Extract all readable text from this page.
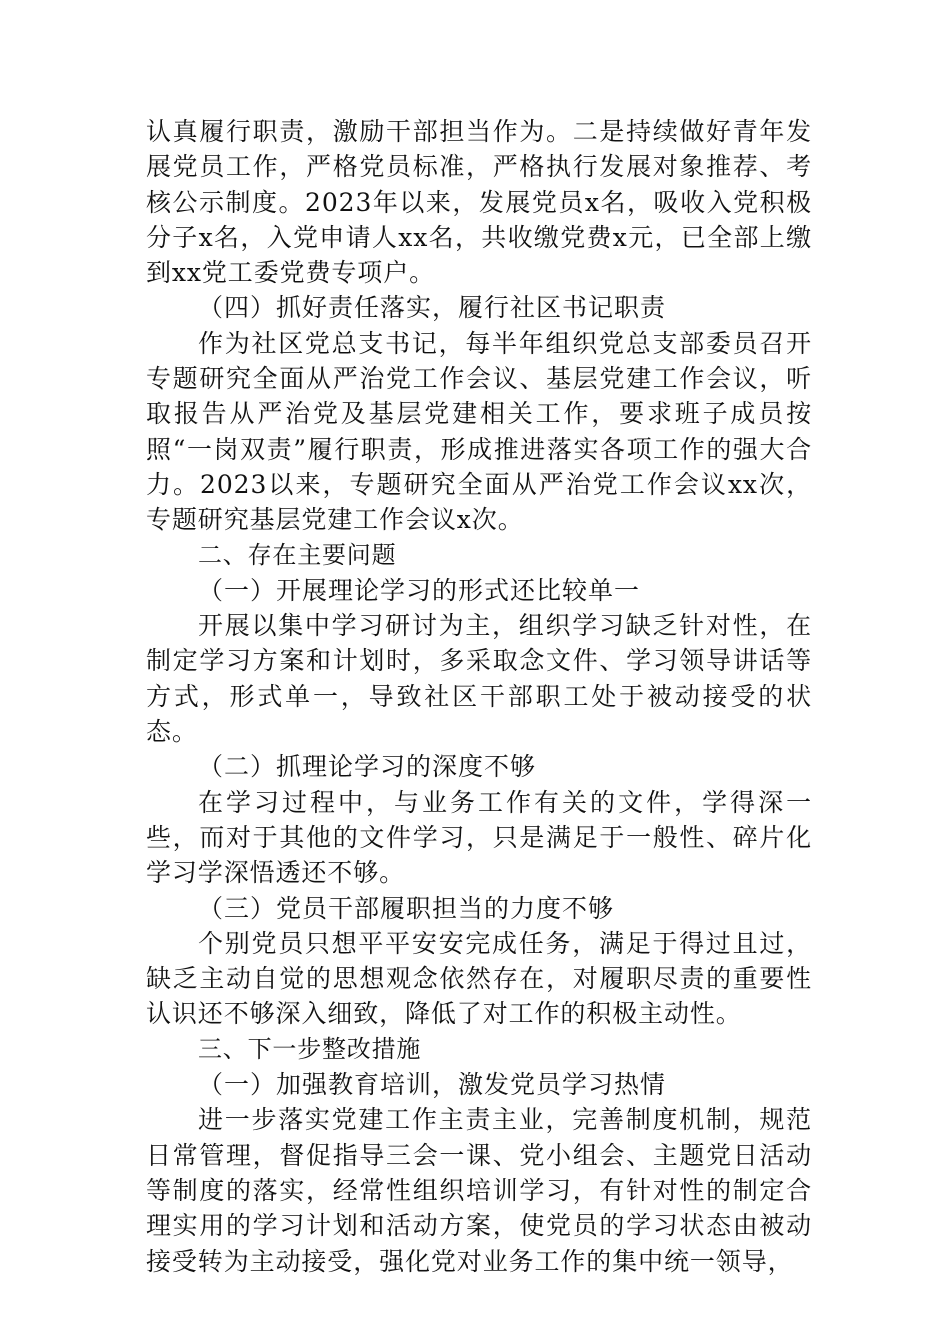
认真履行职责，激励干部担当作为。二是持续做好青年发展党员工作，严格党员标准，严格执行发展对象推荐、考核公示制度。2023年以来，发展党员x名，吸收入党积极分子x名，入党申请人xx名，共收缴党费x元，已全部上缴到xx党工委党费专项户。

（四）抓好责任落实，履行社区书记职责

作为社区党总支书记，每半年组织党总支部委员召开专题研究全面从严治党工作会议、基层党建工作会议，听取报告从严治党及基层党建相关工作，要求班子成员按照“一岗双责”履行职责，形成推进落实各项工作的强大合力。2023以来，专题研究全面从严治党工作会议xx次，专题研究基层党建工作会议x次。

二、存在主要问题

（一）开展理论学习的形式还比较单一

开展以集中学习研讨为主，组织学习缺乏针对性，在制定学习方案和计划时，多采取念文件、学习领导讲话等方式，形式单一，导致社区干部职工处于被动接受的状态。

（二）抓理论学习的深度不够

在学习过程中，与业务工作有关的文件，学得深一些，而对于其他的文件学习，只是满足于一般性、碎片化学习学深悟透还不够。

（三）党员干部履职担当的力度不够

个别党员只想平平安安完成任务，满足于得过且过，缺乏主动自觉的思想观念依然存在，对履职尽责的重要性认识还不够深入细致，降低了对工作的积极主动性。

三、下一步整改措施

（一）加强教育培训，激发党员学习热情

进一步落实党建工作主责主业，完善制度机制，规范日常管理，督促指导三会一课、党小组会、主题党日活动等制度的落实，经常性组织培训学习，有针对性的制定合理实用的学习计划和活动方案，使党员的学习状态由被动接受转为主动接受，强化党对业务工作的集中统一领导，
